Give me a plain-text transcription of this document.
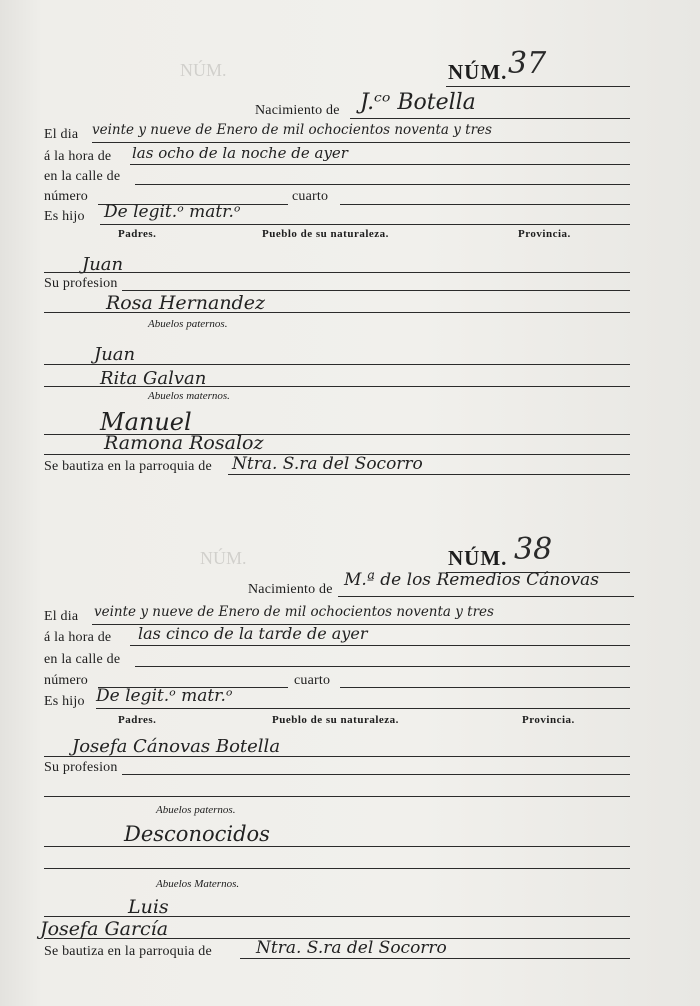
NÚM.
NÚM.
NÚM. 37
Nacimiento de J.ᶜᵒ Botella
El dia veinte y nueve de Enero de mil ochocientos noventa y tres
á la hora de las ocho de la noche de ayer
en la calle de
número	cuarto
Es hijo De legit.ᵒ matr.ᵒ
Padres.	Pueblo de su naturaleza.	Provincia.
Juan
Su profesion
Rosa Hernandez
Abuelos paternos.
Juan
Rita Galvan
Abuelos maternos.
Manuel
Ramona Rosaloz
Se bautiza en la parroquia de Ntra. S.ra del Socorro
NÚM. 38
Nacimiento de M.ª de los Remedios Cánovas
El dia veinte y nueve de Enero de mil ochocientos noventa y tres
á la hora de las cinco de la tarde de ayer
en la calle de
número	cuarto
Es hijo De legit.ᵒ matr.ᵒ
Padres.	Pueblo de su naturaleza.	Provincia.
Josefa Cánovas Botella
Su profesion
Abuelos paternos.
Desconocidos
Abuelos Maternos.
Luis
Josefa García
Se bautiza en la parroquia de	Ntra. S.ra del Socorro
